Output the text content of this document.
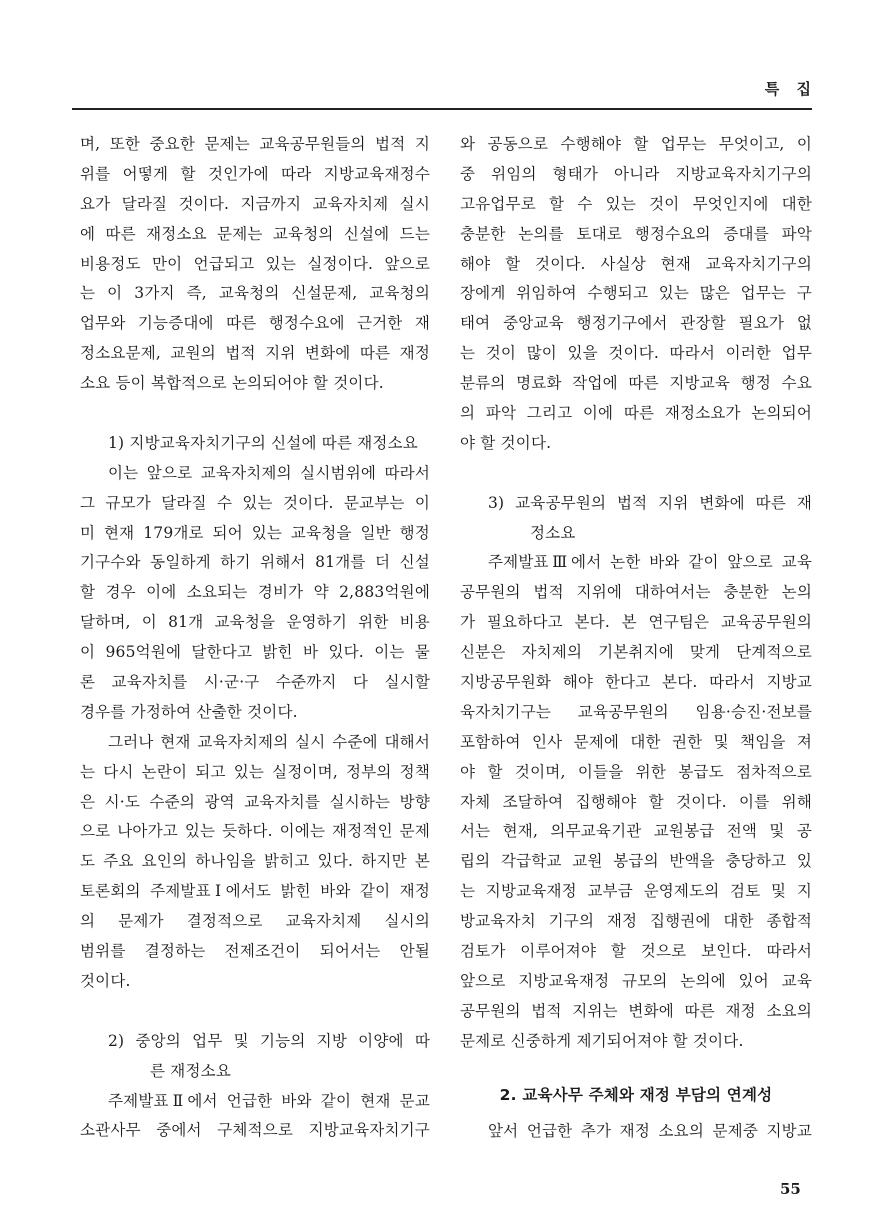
특 집
며, 또한 중요한 문제는 교육공무원들의 법적 지
위를 어떻게 할 것인가에 따라 지방교육재정수
요가 달라질 것이다. 지금까지 교육자치제 실시
에 따른 재정소요 문제는 교육청의 신설에 드는
비용정도 만이 언급되고 있는 실정이다. 앞으로
는 이 3가지 즉, 교육청의 신설문제, 교육청의
업무와 기능증대에 따른 행정수요에 근거한 재
정소요문제, 교원의 법적 지위 변화에 따른 재정
소요 등이 복합적으로 논의되어야 할 것이다.
1) 지방교육자치기구의 신설에 따른 재정소요
이는 앞으로 교육자치제의 실시범위에 따라서
그 규모가 달라질 수 있는 것이다. 문교부는 이
미 현재 179개로 되어 있는 교육청을 일반 행정
기구수와 동일하게 하기 위해서 81개를 더 신설
할 경우 이에 소요되는 경비가 약 2,883억원에
달하며, 이 81개 교육청을 운영하기 위한 비용
이 965억원에 달한다고 밝힌 바 있다. 이는 물
론 교육자치를 시·군·구 수준까지 다 실시할
경우를 가정하여 산출한 것이다.
그러나 현재 교육자치제의 실시 수준에 대해서
는 다시 논란이 되고 있는 실정이며, 정부의 정책
은 시·도 수준의 광역 교육자치를 실시하는 방향
으로 나아가고 있는 듯하다. 이에는 재정적인 문제
도 주요 요인의 하나임을 밝히고 있다. 하지만 본
토론회의 주제발표Ⅰ에서도 밝힌 바와 같이 재정
의 문제가 결정적으로 교육자치제 실시의
범위를 결정하는 전제조건이 되어서는 안될
것이다.
2) 중앙의 업무 및 기능의 지방 이양에 따
른 재정소요
주제발표Ⅱ에서 언급한 바와 같이 현재 문교
소관사무 중에서 구체적으로 지방교육자치기구
와 공동으로 수행해야 할 업무는 무엇이고, 이
중 위임의 형태가 아니라 지방교육자치기구의
고유업무로 할 수 있는 것이 무엇인지에 대한
충분한 논의를 토대로 행정수요의 증대를 파악
해야 할 것이다. 사실상 현재 교육자치기구의
장에게 위임하여 수행되고 있는 많은 업무는 구
태여 중앙교육 행정기구에서 관장할 필요가 없
는 것이 많이 있을 것이다. 따라서 이러한 업무
분류의 명료화 작업에 따른 지방교육 행정 수요
의 파악 그리고 이에 따른 재정소요가 논의되어
야 할 것이다.
3) 교육공무원의 법적 지위 변화에 따른 재
정소요
주제발표Ⅲ에서 논한 바와 같이 앞으로 교육
공무원의 법적 지위에 대하여서는 충분한 논의
가 필요하다고 본다. 본 연구팀은 교육공무원의
신분은 자치제의 기본취지에 맞게 단계적으로
지방공무원화 해야 한다고 본다. 따라서 지방교
육자치기구는 교육공무원의 임용·승진·전보를
포함하여 인사 문제에 대한 권한 및 책임을 져
야 할 것이며, 이들을 위한 봉급도 점차적으로
자체 조달하여 집행해야 할 것이다. 이를 위해
서는 현재, 의무교육기관 교원봉급 전액 및 공
립의 각급학교 교원 봉급의 반액을 충당하고 있
는 지방교육재정 교부금 운영제도의 검토 및 지
방교육자치 기구의 재정 집행권에 대한 종합적
검토가 이루어져야 할 것으로 보인다. 따라서
앞으로 지방교육재정 규모의 논의에 있어 교육
공무원의 법적 지위는 변화에 따른 재정 소요의
문제로 신중하게 제기되어져야 할 것이다.
2. 교육사무 주체와 재정 부담의 연계성
앞서 언급한 추가 재정 소요의 문제중 지방교
55
